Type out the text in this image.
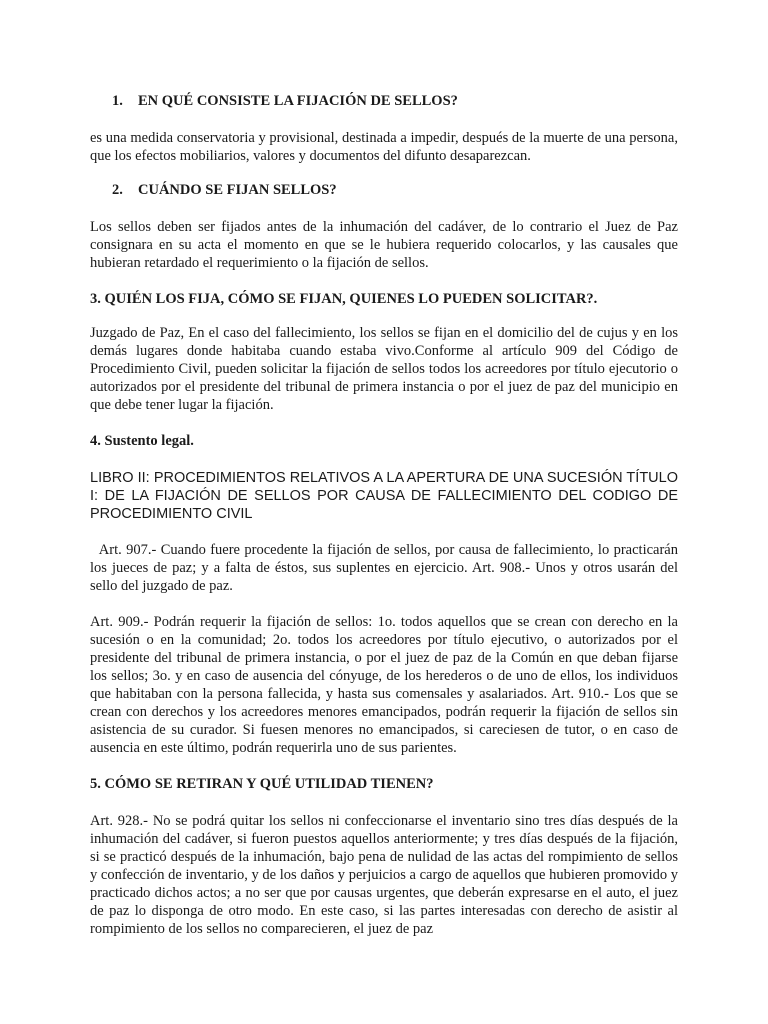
1. EN QUÉ CONSISTE LA FIJACIÓN DE SELLOS?

es una medida conservatoria y provisional, destinada a impedir, después de la muerte de una persona, que los efectos mobiliarios, valores y documentos del difunto desaparezcan.

2. CUÁNDO SE FIJAN SELLOS?

Los sellos deben ser fijados antes de la inhumación del cadáver, de lo contrario el Juez de Paz consignara en su acta el momento en que se le hubiera requerido colocarlos, y las causales que hubieran retardado el requerimiento o la fijación de sellos.

3. QUIÉN LOS FIJA, CÓMO SE FIJAN, QUIENES LO PUEDEN SOLICITAR?.

Juzgado de Paz, En el caso del fallecimiento, los sellos se fijan en el domicilio del de cujus y en los demás lugares donde habitaba cuando estaba vivo.Conforme al artículo 909 del Código de Procedimiento Civil, pueden solicitar la fijación de sellos todos los acreedores por título ejecutorio o autorizados por el presidente del tribunal de primera instancia o por el juez de paz del municipio en que debe tener lugar la fijación.

4. Sustento legal.

LIBRO II: PROCEDIMIENTOS RELATIVOS A LA APERTURA DE UNA SUCESIÓN TÍTULO I: DE LA FIJACIÓN DE SELLOS POR CAUSA DE FALLECIMIENTO DEL CODIGO DE PROCEDIMIENTO CIVIL

Art. 907.- Cuando fuere procedente la fijación de sellos, por causa de fallecimiento, lo practicarán los jueces de paz; y a falta de éstos, sus suplentes en ejercicio. Art. 908.- Unos y otros usarán del sello del juzgado de paz.

Art. 909.- Podrán requerir la fijación de sellos: 1o. todos aquellos que se crean con derecho en la sucesión o en la comunidad; 2o. todos los acreedores por título ejecutivo, o autorizados por el presidente del tribunal de primera instancia, o por el juez de paz de la Común en que deban fijarse los sellos; 3o. y en caso de ausencia del cónyuge, de los herederos o de uno de ellos, los individuos que habitaban con la persona fallecida, y hasta sus comensales y asalariados. Art. 910.- Los que se crean con derechos y los acreedores menores emancipados, podrán requerir la fijación de sellos sin asistencia de su curador. Si fuesen menores no emancipados, si careciesen de tutor, o en caso de ausencia en este último, podrán requerirla uno de sus parientes.

5. CÓMO SE RETIRAN Y QUÉ UTILIDAD TIENEN?

Art. 928.- No se podrá quitar los sellos ni confeccionarse el inventario sino tres días después de la inhumación del cadáver, si fueron puestos aquellos anteriormente; y tres días después de la fijación, si se practicó después de la inhumación, bajo pena de nulidad de las actas del rompimiento de sellos y confección de inventario, y de los daños y perjuicios a cargo de aquellos que hubieren promovido y practicado dichos actos; a no ser que por causas urgentes, que deberán expresarse en el auto, el juez de paz lo disponga de otro modo. En este caso, si las partes interesadas con derecho de asistir al rompimiento de los sellos no comparecieren, el juez de paz
